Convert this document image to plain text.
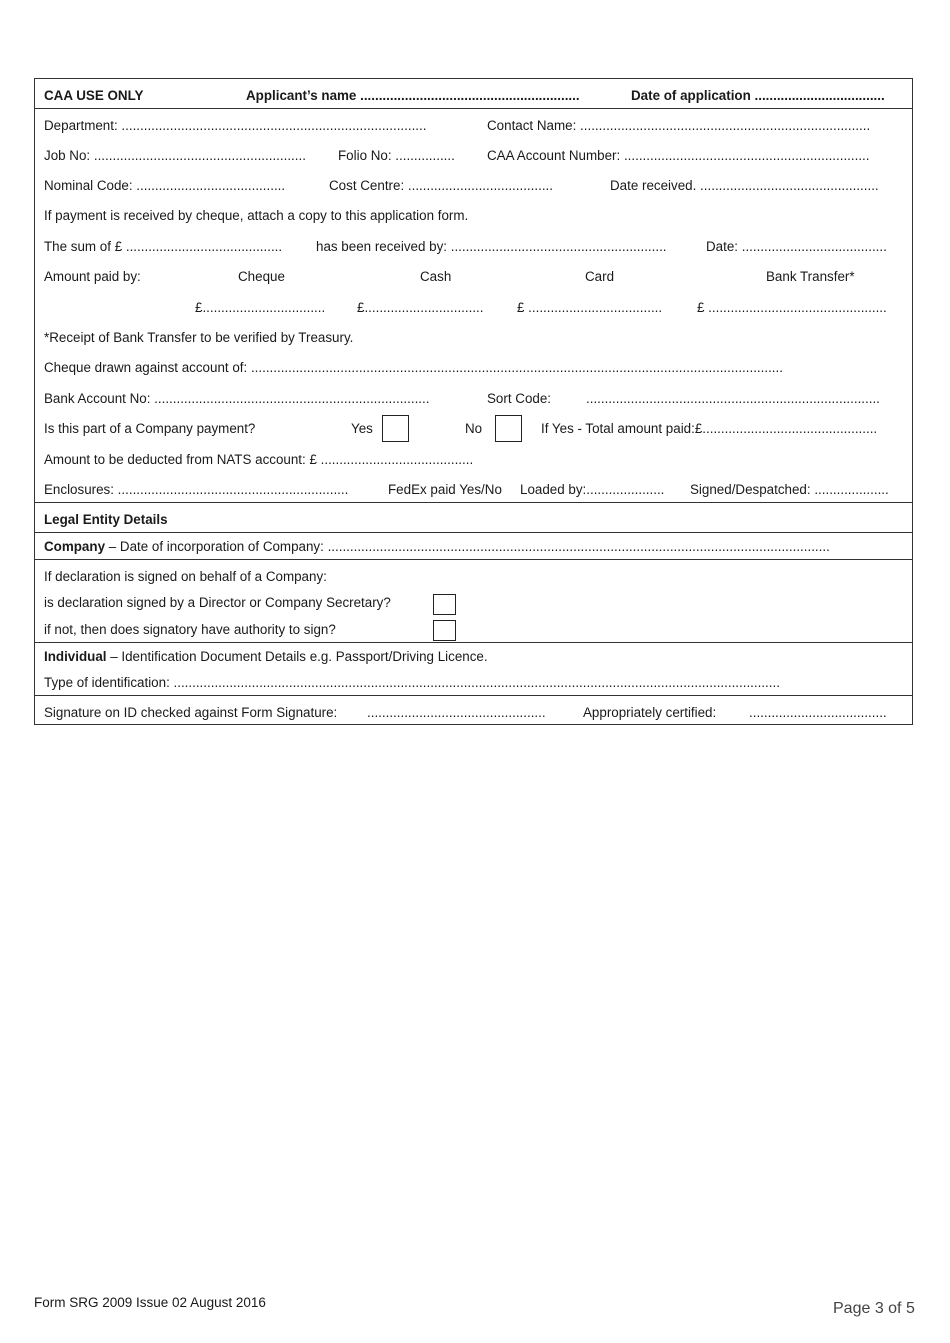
CAA USE ONLY	Applicant’s name ...........................................................	Date of application ...................................
Department: ..................................................................................	Contact Name: ..............................................................................
Job No: ......................................................... Folio No: ................ CAA Account Number: ..................................................................
Nominal Code: ........................................	Cost Centre: .......................................	Date received. ................................................
If payment is received by cheque, attach a copy to this application form.
The sum of £ ..........................................	has been received by: ..........................................................	Date: .......................................
Amount paid by:	Cheque	Cash	Card	Bank Transfer*
£................................. £................................	£ ....................................	£ ................................................
*Receipt of Bank Transfer to be verified by Treasury.
Cheque drawn against account of: ...............................................................................................................................................
Bank Account No: ..........................................................................	Sort Code:	...............................................................................
Is this part of a Company payment?	Yes	No	If Yes - Total amount paid:£...............................................
Amount to be deducted from NATS account: £ .........................................
Enclosures: ..............................................................	FedEx paid Yes/No Loaded by:..................... Signed/Despatched: ....................
Legal Entity Details
Company – Date of incorporation of Company: .......................................................................................................................................
If declaration is signed on behalf of a Company:
is declaration signed by a Director or Company Secretary?
if not, then does signatory have authority to sign?
Individual – Identification Document Details e.g. Passport/Driving Licence.
Type of identification: ...................................................................................................................................................................
Signature on ID checked against Form Signature: ................................................	Appropriately certified: .....................................
Form SRG 2009 Issue 02 August 2016	Page 3 of 5
